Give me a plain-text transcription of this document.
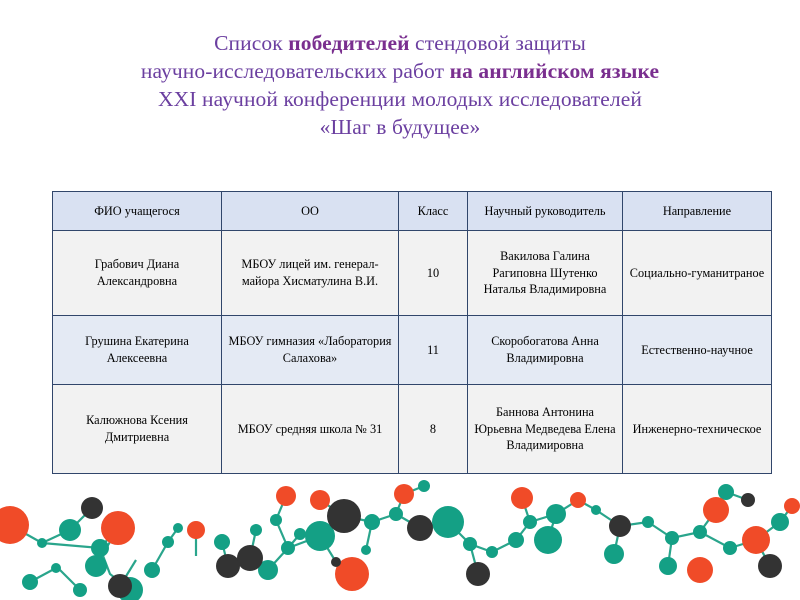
Список победителей стендовой защиты
научно-исследовательских работ на английском языке
XXI научной конференции молодых исследователей
«Шаг в будущее»
ФИО учащегося	ОО	Класс	Научный руководитель	Направление
Грабович Диана Александровна	МБОУ лицей им. генерал-майора Хисматулина В.И.	10	Вакилова Галина Рагиповна Шутенко Наталья Владимировна	Социально-гуманитраное
Грушина Екатерина Алексеевна	МБОУ гимназия «Лаборатория Салахова»	11	Скоробогатова Анна Владимировна	Естественно-научное
Калюжнова Ксения Дмитриевна	МБОУ средняя школа № 31	8	Баннова Антонина Юрьевна Медведева Елена Владимировна	Инженерно-техническое
